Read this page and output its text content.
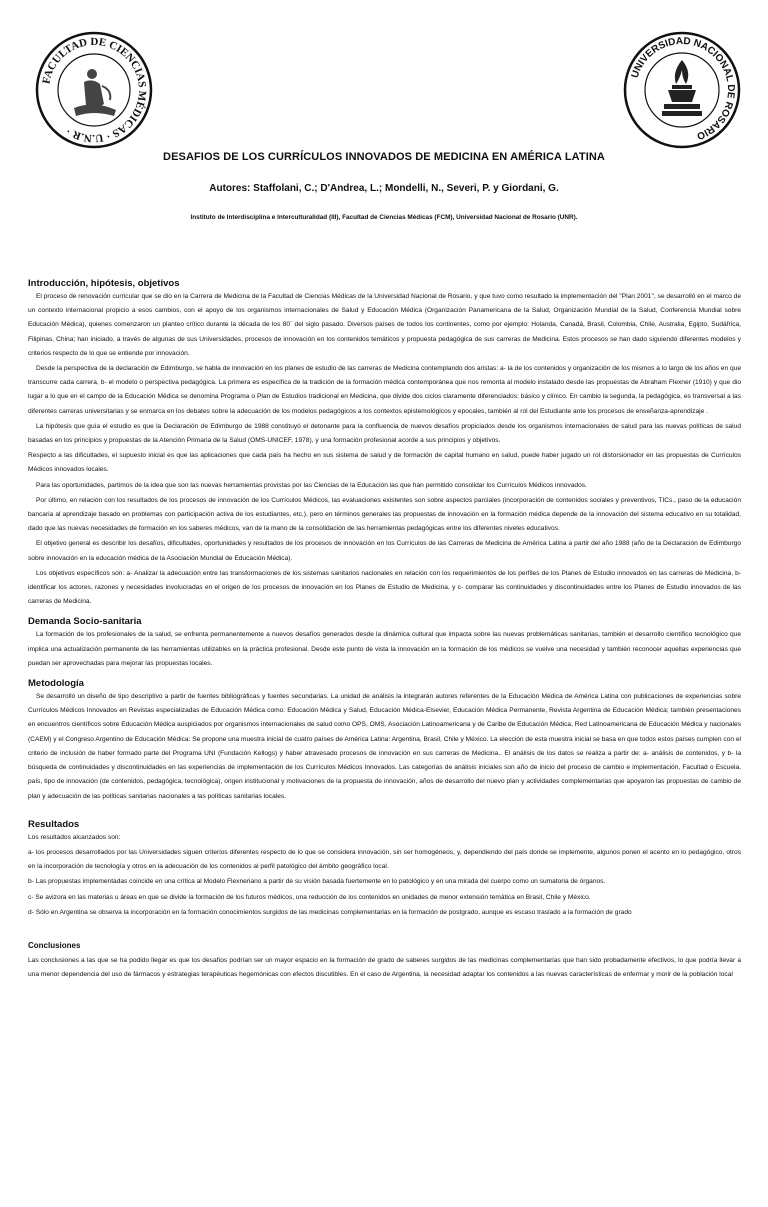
FACULTAD DE CIENCIAS MÉDICAS · U.N.R ·
UNIVERSIDAD NACIONAL DE ROSARIO
DESAFIOS DE LOS CURRÍCULOS INNOVADOS DE MEDICINA EN AMÉRICA LATINA
Autores: Staffolani, C.; D'Andrea, L.; Mondelli, N., Severi, P. y Giordani, G.
Instituto de Interdisciplina e Interculturalidad (III), Facultad de Ciencias Médicas (FCM), Universidad Nacional de Rosario (UNR).
Introducción, hipótesis, objetivos
El proceso de renovación curricular que se dio en la Carrera de Medicina de la Facultad de Ciencias Médicas de la Universidad Nacional de Rosario, y que tuvo como resultado la implementación del "Plan 2001", se desarrolló en el marco de un contexto internacional propicio a esos cambios, con el apoyo de los organismos internacionales de Salud y Educación Médica (Organización Panamericana de la Salud, Organización Mundial de la Salud, Conferencia Mundial sobre Educación Médica), quienes comenzaron un planteo crítico durante la década de los 80´ del siglo pasado. Diversos países de todos los continentes, como por ejemplo: Holanda, Canadá, Brasil, Colombia, Chile, Australia, Egipto, Sudáfrica, Filipinas, China; han iniciado, a través de algunas de sus Universidades, procesos de innovación en los contenidos temáticos y propuesta pedagógica de sus carreras de Medicina. Estos procesos se han dado siguiendo diferentes modelos y criterios respecto de lo que se entiende por innovación.
Desde la perspectiva de la declaración de Edimburgo, se habla de innovación en los planes de estudio de las carreras de Medicina contemplando dos aristas: a- la de los contenidos y organización de los mismos a lo largo de los años en que transcurre cada carrera, b- el modelo o perspectiva pedagógica. La primera es específica de la tradición de la formación médica contemporánea que nos remonta al modelo instalado desde las propuestas de Abraham Flexner (1910) y que dio lugar a lo que en el campo de la Educación Médica se denomina Programa o Plan de Estudios tradicional en Medicina, que divide dos ciclos claramente diferenciados: básico y clínico. En cambio la segunda, la pedagógica, es transversal a las diferentes carreras universitarias y se enmarca en los debates sobre la adecuación de los modelos pedagógicos a los contextos epistemológicos y epocales, también al rol del Estudiante ante los procesos de enseñanza-aprendizaje .
La hipótesis que guía el estudio es que la Declaración de Edimburgo de 1988 constituyó el detonante para la confluencia de nuevos desafíos propiciados desde los organismos internacionales de salud para las nuevas políticas de salud basadas en los principios y propuestas de la Atención Primaria de la Salud (OMS-UNICEF, 1978), y una formación profesional acorde a sus principios y objetivos.
Respecto a las dificultades, el supuesto inicial es que las aplicaciones que cada país ha hecho en sus sistema de salud y de formación de capital humano en salud, puede haber jugado un rol distorsionador en las propuestas de Currículos Médicos innovados locales.
Para las oportunidades, partimos de la idea que son las nuevas herramientas provistas por las Ciencias de la Educación las que han permitido consolidar los Currículos Médicos innovados.
Por último, en relación con los resultados de los procesos de innovación de los Currículos Médicos, las evaluaciones existentes son sobre aspectos parciales (incorporación de contenidos sociales y preventivos, TICs., paso de la educación bancaria al aprendizaje basado en problemas con participación activa de los estudiantes, etc.), pero en términos generales las propuestas de innovación en la formación médica depende de la innovación del sistema educativo en su totalidad, dado que las nuevas necesidades de formación en los saberes médicos, van de la mano de la consolidación de las herramientas pedagógicas entre los diferentes niveles educativos.
El objetivo general es describir los desafíos, dificultades, oportunidades y resultados de los procesos de innovación en los Currículos de las Carreras de Medicina de América Latina a partir del año 1988 (año de la Declaración de Edimburgo sobre innovación en la educación médica de la Asociación Mundial de Educación Médica).
Los objetivos específicos son: a- Analizar la adecuación entre las transformaciones de los sistemas sanitarios nacionales en relación con los requerimientos de los perfiles de los Planes de Estudio innovados en las carreras de Medicina, b- identificar los actores, razones y necesidades involucradas en el origen de los procesos de innovación en los Planes de Estudio de Medicina, y c- comparar las continuidades y discontinuidades entre los Planes de Estudio innovados de las carreras de Medicina.
Demanda Socio-sanitaria
La formación de los profesionales de la salud, se enfrenta permanentemente a nuevos desafíos generados desde la dinámica cultural que impacta sobre las nuevas problemáticas sanitarias, también el desarrollo científico tecnológico que implica una actualización permanente de las herramientas utilizables en la práctica profesional. Desde este punto de vista la innovación en la formación de los médicos se vuelve una necesidad y también reconocer aquellas experiencias que puedan ser aprovechadas para mejorar las propuestas locales.
Metodología
Se desarrolló un diseño de tipo descriptivo a partir de fuentes bibliográficas y fuentes secundarias. La unidad de análisis la integrarán autores referentes de la Educación Médica de América Latina con publicaciones de experiencias sobre Currículos Médicos Innovados en Revistas especializadas de Educación Médica como: Educación Médica y Salud, Educación Médica-Elsevier, Educación Médica Permanente, Revista Argentina de Educación Médica; también presentaciones en encuentros científicos sobre Educación Médica auspiciados por organismos internacionales de salud como OPS, OMS, Asociación Latinoamericana y de Caribe de Educación Médica, Red Latinoamericana de Educación Médica y nacionales (CAEM) y el Congreso Argentino de Educación Médica: Se propone una muestra inicial de cuatro países de América Latina: Argentina, Brasil, Chile y México. La elección de esta muestra inicial se basa en que todos estos países cumplen con el criterio de inclusión de haber formado parte del Programa UNI (Fundación Kellogs) y haber atravesado procesos de innovación en sus carreras de Medicina.. El análisis de los datos se realiza a partir de: a- análisis de contenidos, y b- la búsqueda de continuidades y discontinuidades en las experiencias de implementación de los Currículos Médicos Innovados. Las categorías de análisis iniciales son año de inicio del proceso de cambio e implementación, Facultad o Escuela, país, tipo de innovación (de contenidos, pedagógica, tecnológica), origen institucional y motivaciones de la propuesta de innovación, años de desarrollo del nuevo plan y actividades complementarias que apoyaron las propuestas de cambio de plan y adecuación de las políticas sanitarias nacionales a las políticas sanitarias locales.
Resultados
Los resultados alcanzados son:
a- los procesos desarrollados por las Universidades siguen criterios diferentes respecto de lo que se considera innovación, sin ser homogéneos, y, dependiendo del país donde se implemente, algunos ponen el acento en lo pedagógico, otros en la incorporación de tecnología y otros en la adecuación de los contenidos al perfil patológico del ámbito geográfico local.
b- Las propuestas implementadas coincide en una crítica al Modelo Flexneriano a partir de su visión basada fuertemente en lo patológico y en una mirada del cuerpo como un sumatoria de órganos.
c- Se avizora en las materias u áreas en que se divide la formación de los futuros médicos, una reducción de los contenidos en unidades de menor extensión temática en Brasil, Chile y México.
d- Sólo en Argentina se observa la incorporación en la formación conocimientos surgidos de las medicinas complementarias en la formación de postgrado, aunque es escaso traslado a la formación de grado
Conclusiones
Las conclusiones a las que se ha podido llegar es que los desafíos podrían ser un mayor espacio en la formación de grado de saberes surgidos de las medicinas complementarias que han sido probadamente efectivos, lo que podría llevar a una menor dependencia del uso de fármacos y estrategias terapéuticas hegemónicas con efectos discutibles. En el caso de Argentina, la necesidad adaptar los contenidos a las nuevas características de enfermar y morir de la población local
